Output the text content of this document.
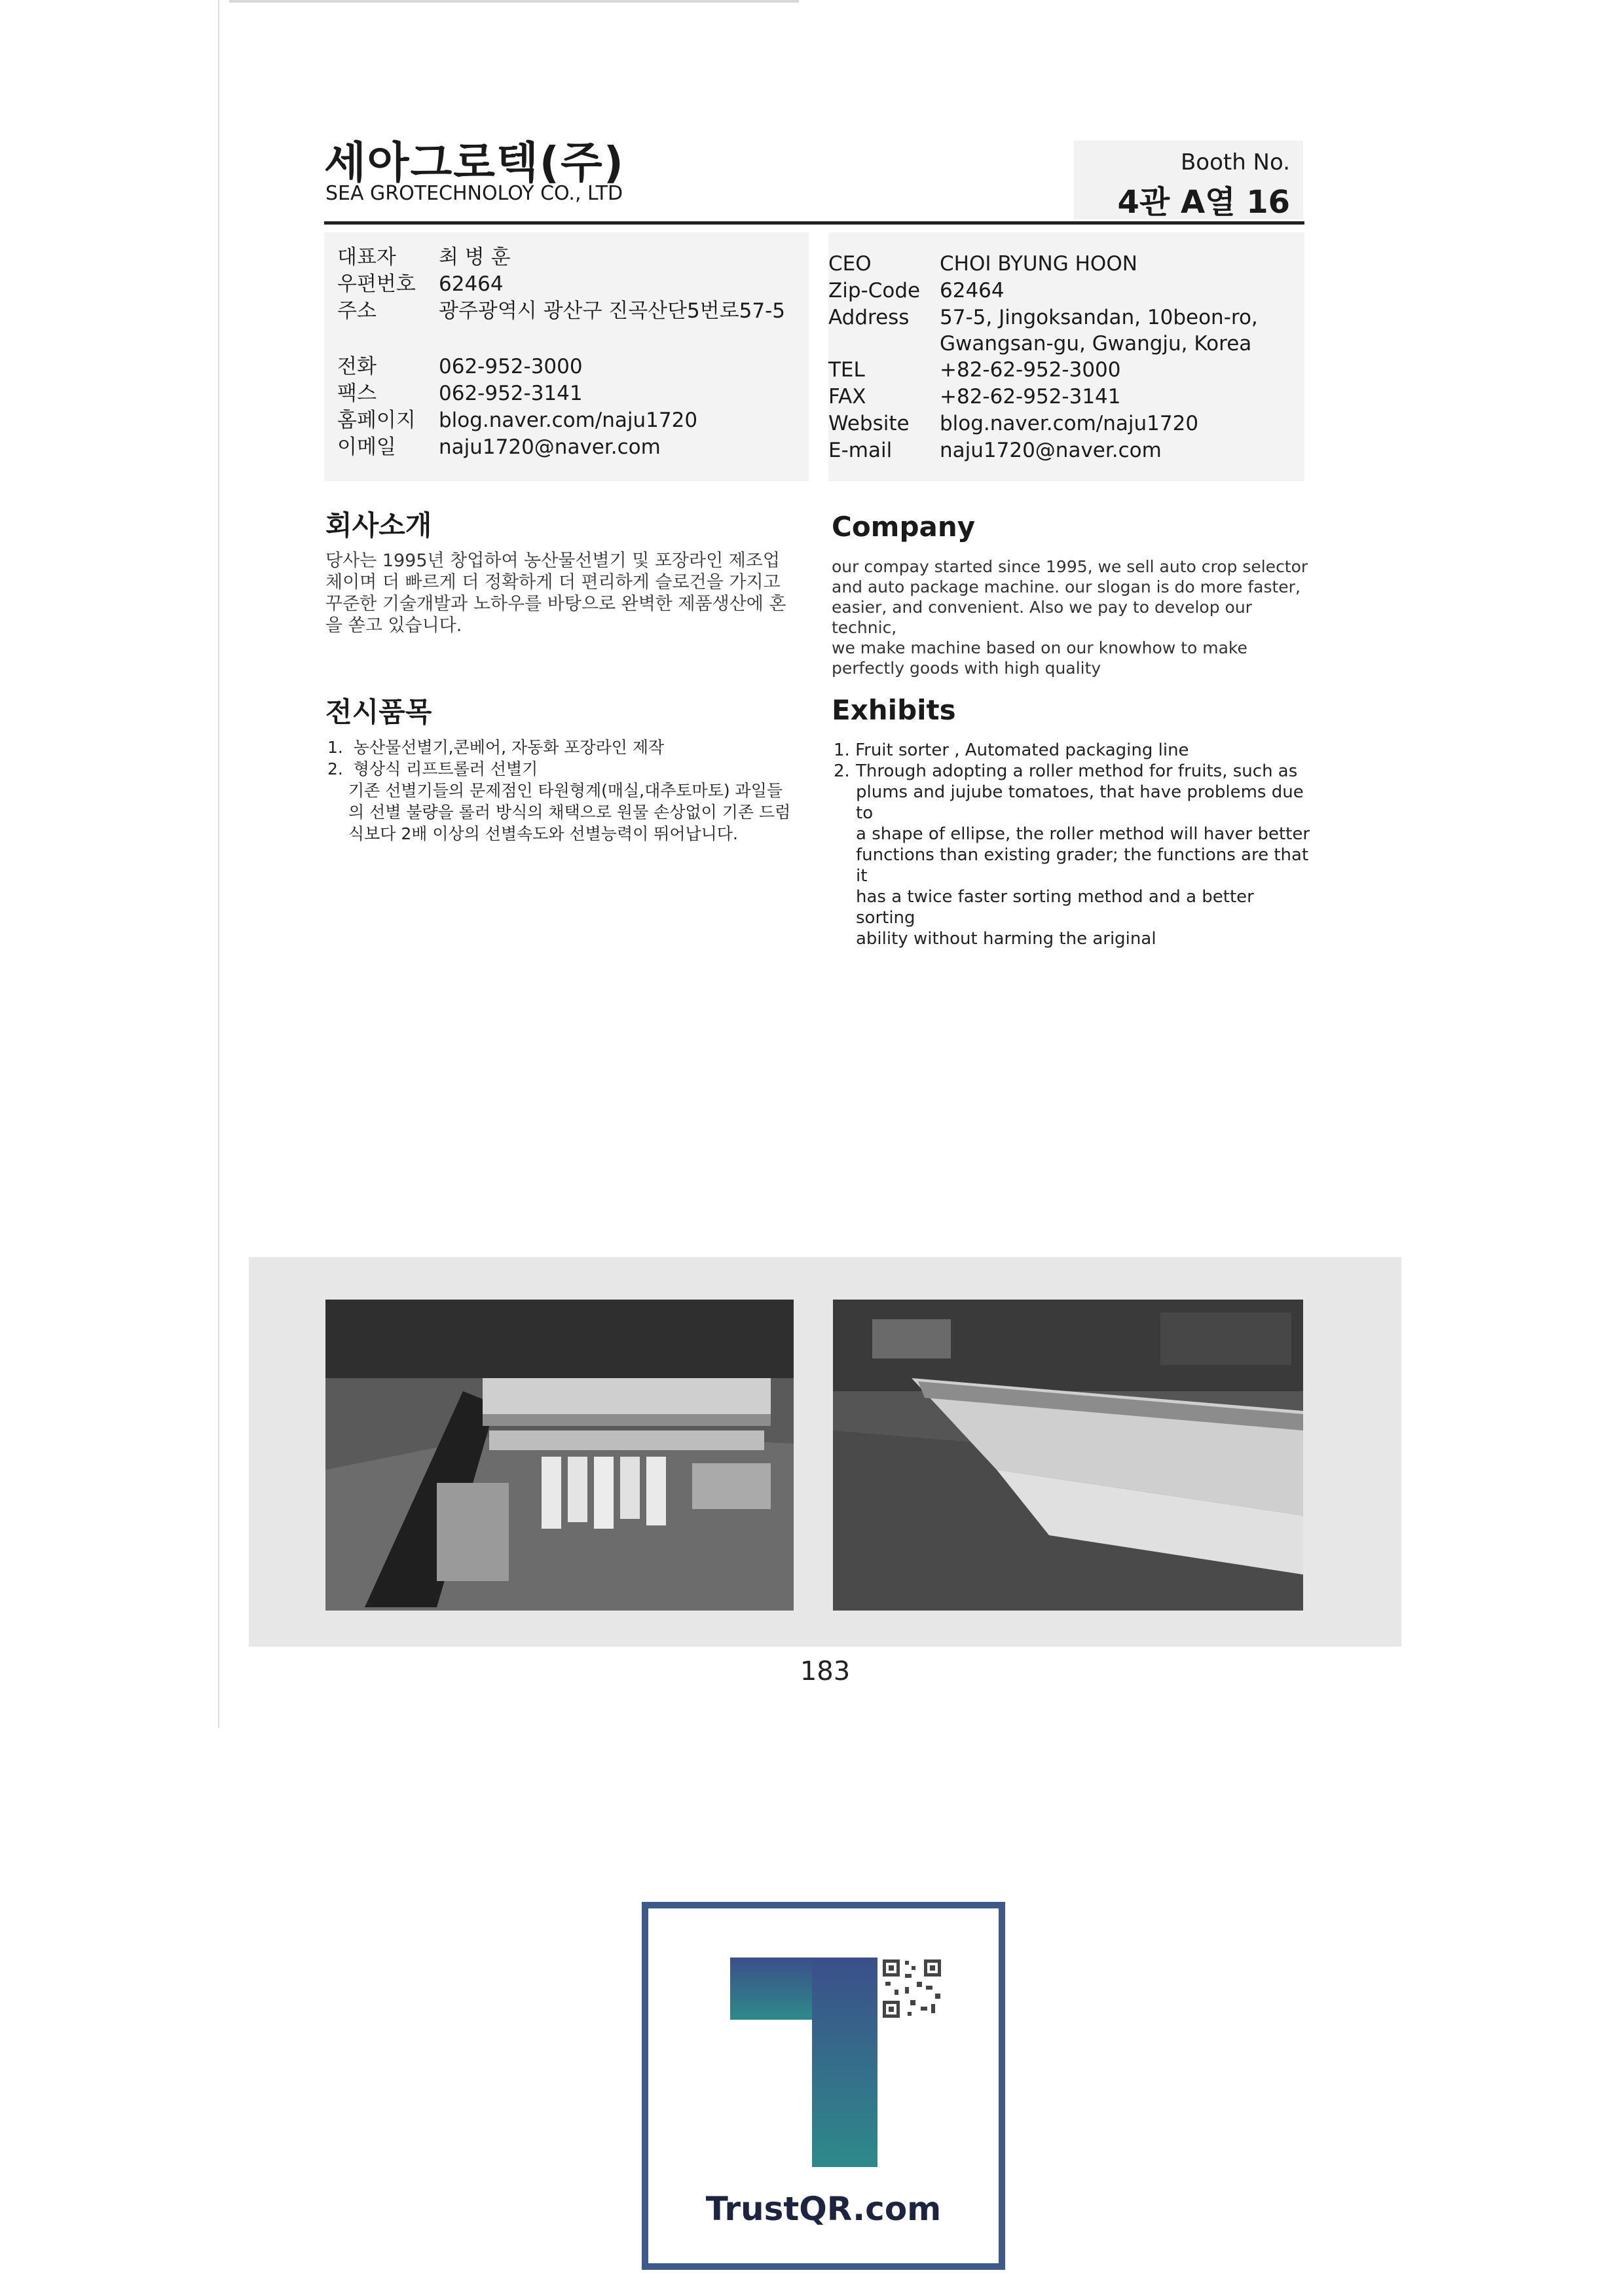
세아그로텍(주)
SEA GROTECHNOLOY CO., LTD
Booth No.
4관 A열 16
대표자 최 병 훈
우편번호 62464
주소	광주광역시 광산구 진곡산단5번로57-5
전화	062-952-3000
팩스	062-952-3141
홈페이지 blog.naver.com/naju1720
이메일 naju1720@naver.com
CEO	CHOI BYUNG HOON
Zip-Code 62464
Address 57-5, Jingoksandan, 10beon-ro,
Gwangsan-gu, Gwangju, Korea
TEL	+82-62-952-3000
FAX	+82-62-952-3141
Website blog.naver.com/naju1720
E-mail naju1720@naver.com
회사소개
당사는 1995년 창업하여 농산물선별기 및 포장라인 제조업
체이며 더 빠르게 더 정확하게 더 편리하게 슬로건을 가지고
꾸준한 기술개발과 노하우를 바탕으로 완벽한 제품생산에 혼
을 쏟고 있습니다.
Company
our compay started since 1995, we sell auto crop selector
and auto package machine. our slogan is do more faster,
easier, and convenient. Also we pay to develop our technic,
we make machine based on our knowhow to make
perfectly goods with high quality
전시품목
1. 농산물선별기,콘베어, 자동화 포장라인 제작
2. 형상식 리프트롤러 선별기
기존 선별기들의 문제점인 타원형계(매실,대추토마토) 과일들
의 선별 불량을 롤러 방식의 채택으로 원물 손상없이 기존 드럼
식보다 2배 이상의 선별속도와 선별능력이 뛰어납니다.
Exhibits
1. Fruit sorter , Automated packaging line
2. Through adopting a roller method for fruits, such as
plums and jujube tomatoes, that have problems due to
a shape of ellipse, the roller method will haver better
functions than existing grader; the functions are that it
has a twice faster sorting method and a better sorting
ability without harming the ariginal
183
TrustQR.com
